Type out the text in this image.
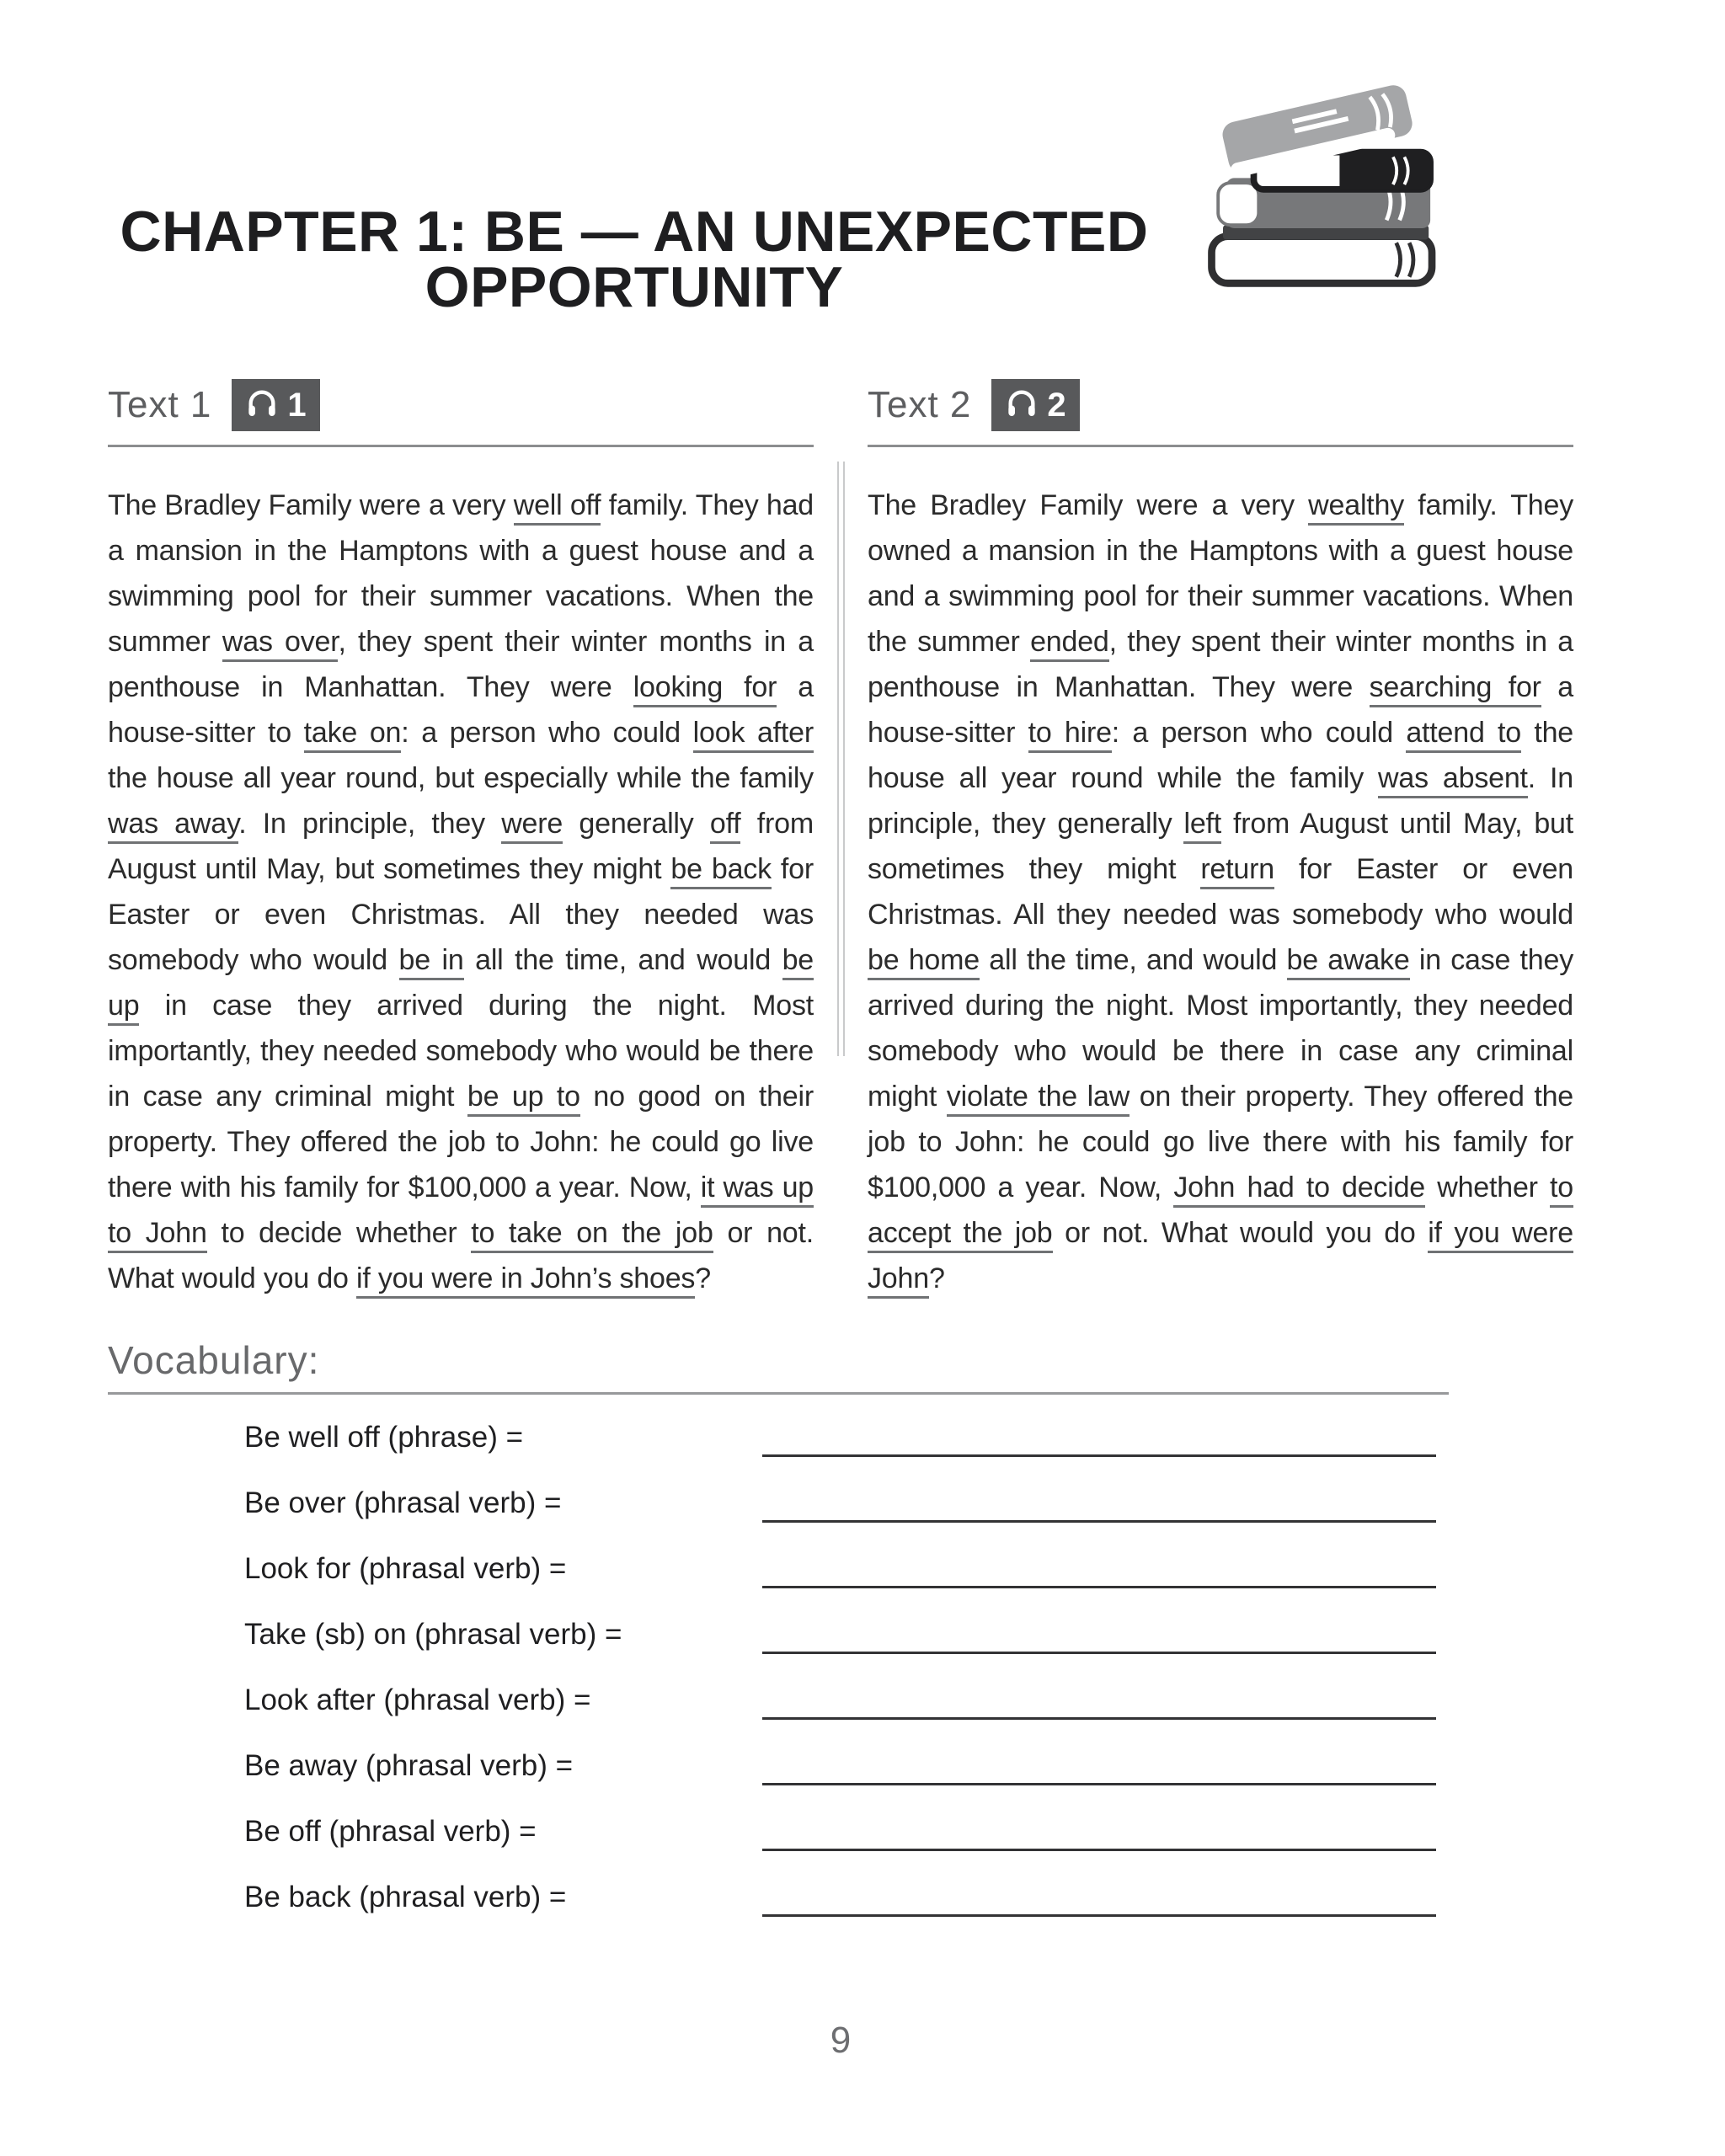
CHAPTER 1: BE — AN UNEXPECTED
OPPORTUNITY
Text 1 1

The Bradley Family were a very well off family. They had a mansion in the Hamptons with a guest house and a swimming pool for their summer vacations. When the summer was over, they spent their winter months in a penthouse in Manhattan. They were looking for a house-sitter to take on: a person who could look after the house all year round, but especially while the family was away. In principle, they were generally off from August until May, but sometimes they might be back for Easter or even Christmas. All they needed was somebody who would be in all the time, and would be up in case they arrived during the night. Most importantly, they needed somebody who would be there in case any criminal might be up to no good on their property. They offered the job to John: he could go live there with his family for $100,000 a year. Now, it was up to John to decide whether to take on the job or not. What would you do if you were in John’s shoes?

Text 2 2

The Bradley Family were a very wealthy family. They owned a mansion in the Hamptons with a guest house and a swimming pool for their summer vacations. When the summer ended, they spent their winter months in a penthouse in Manhattan. They were searching for a house-sitter to hire: a person who could attend to the house all year round while the family was absent. In principle, they generally left from August until May, but sometimes they might return for Easter or even Christmas. All they needed was somebody who would be home all the time, and would be awake in case they arrived during the night. Most importantly, they needed somebody who would be there in case any criminal might violate the law on their property. They offered the job to John: he could go live there with his family for $100,000 a year. Now, John had to decide whether to accept the job or not. What would you do if you were John?

Vocabulary:
Be well off (phrase) =
Be over (phrasal verb) =
Look for (phrasal verb) =
Take (sb) on (phrasal verb) =
Look after (phrasal verb) =
Be away (phrasal verb) =
Be off (phrasal verb) =
Be back (phrasal verb) =
9
